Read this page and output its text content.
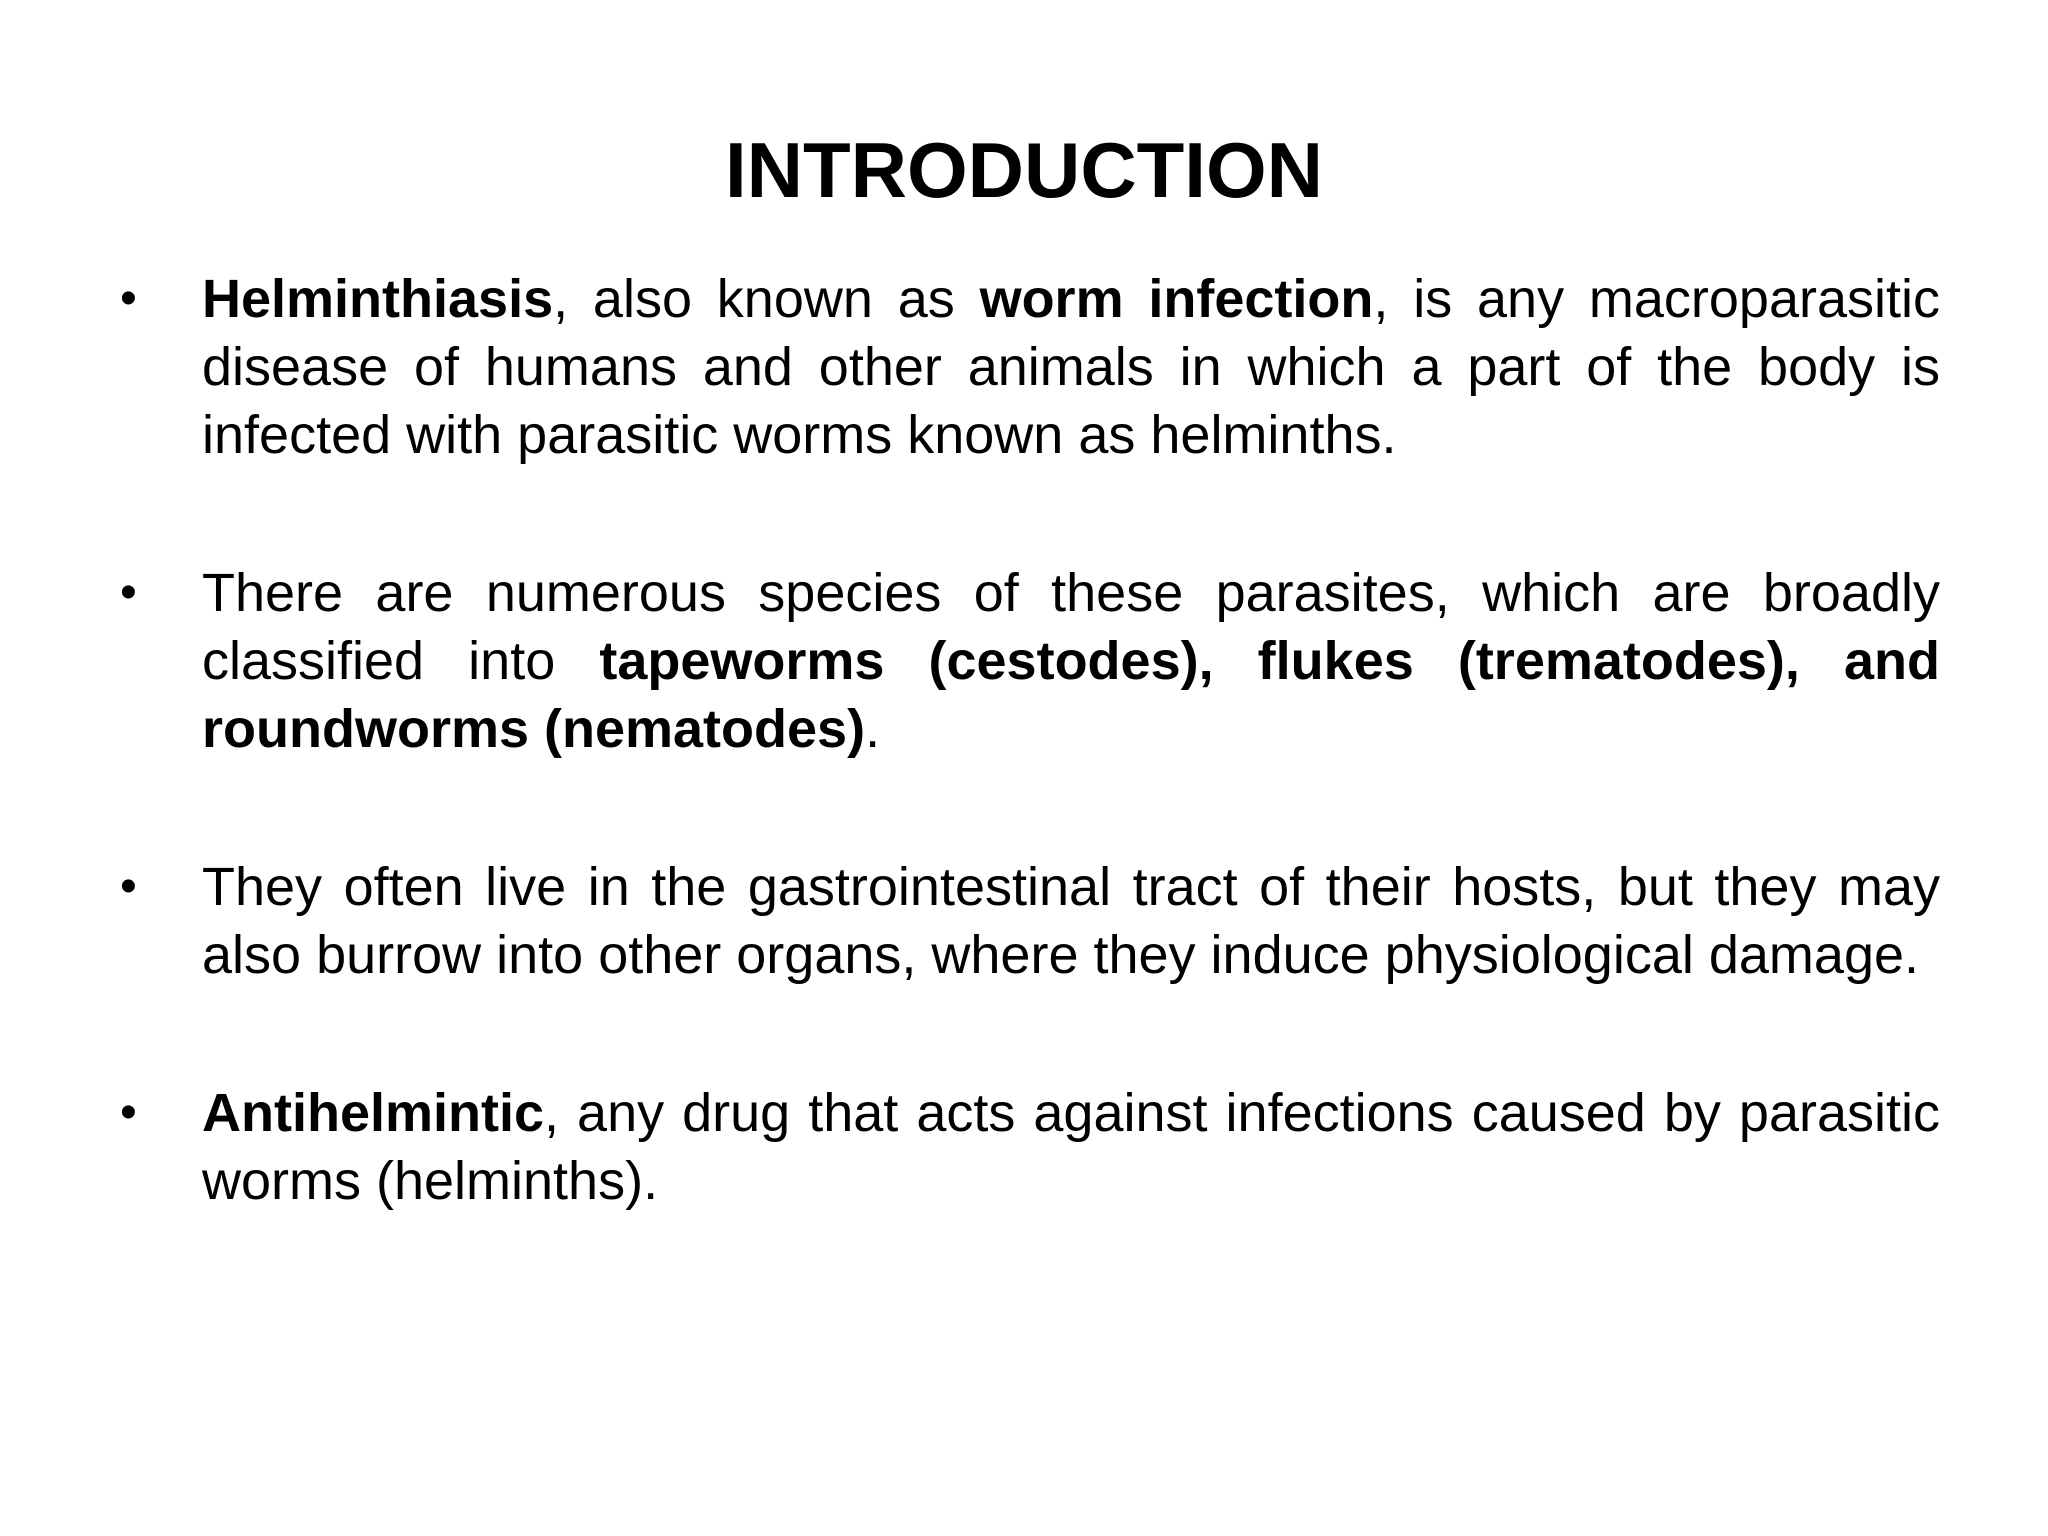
INTRODUCTION
• Helminthiasis, also known as worm infection, is any macroparasitic disease of humans and other animals in which a part of the body is infected with parasitic worms known as helminths.
• There are numerous species of these parasites, which are broadly classified into tapeworms (cestodes), flukes (trematodes), and roundworms (nematodes).
• They often live in the gastrointestinal tract of their hosts, but they may also burrow into other organs, where they induce physiological damage.
• Antihelmintic, any drug that acts against infections caused by parasitic worms (helminths).
